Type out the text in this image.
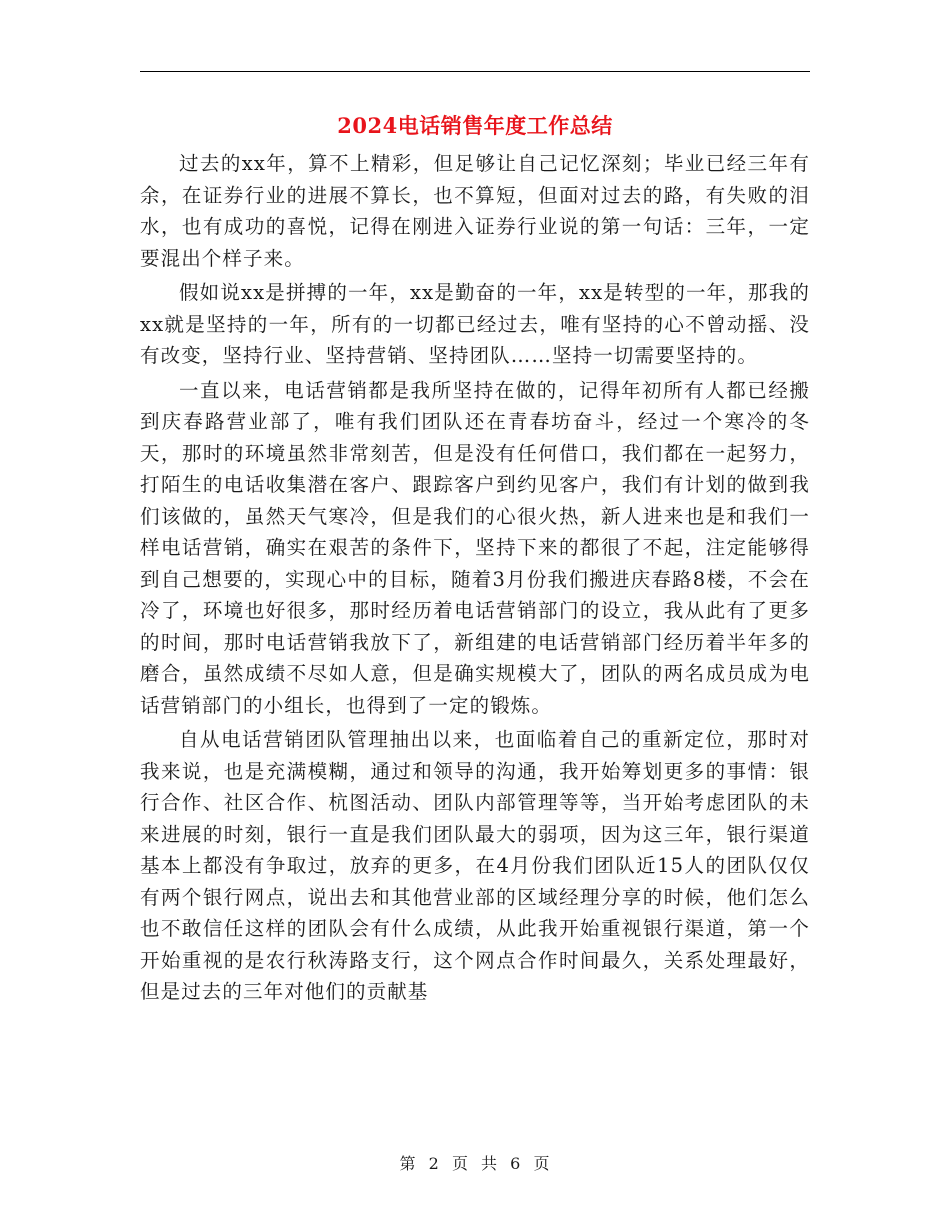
2024电话销售年度工作总结

过去的xx年，算不上精彩，但足够让自己记忆深刻；毕业已经三年有余，在证券行业的进展不算长，也不算短，但面对过去的路，有失败的泪水，也有成功的喜悦，记得在刚进入证券行业说的第一句话：三年，一定要混出个样子来。

假如说xx是拼搏的一年，xx是勤奋的一年，xx是转型的一年，那我的xx就是坚持的一年，所有的一切都已经过去，唯有坚持的心不曾动摇、没有改变，坚持行业、坚持营销、坚持团队……坚持一切需要坚持的。

一直以来，电话营销都是我所坚持在做的，记得年初所有人都已经搬到庆春路营业部了，唯有我们团队还在青春坊奋斗，经过一个寒冷的冬天，那时的环境虽然非常刻苦，但是没有任何借口，我们都在一起努力，打陌生的电话收集潜在客户、跟踪客户到约见客户，我们有计划的做到我们该做的，虽然天气寒冷，但是我们的心很火热，新人进来也是和我们一样电话营销，确实在艰苦的条件下，坚持下来的都很了不起，注定能够得到自己想要的，实现心中的目标，随着3月份我们搬进庆春路8楼，不会在冷了，环境也好很多，那时经历着电话营销部门的设立，我从此有了更多的时间，那时电话营销我放下了，新组建的电话营销部门经历着半年多的磨合，虽然成绩不尽如人意，但是确实规模大了，团队的两名成员成为电话营销部门的小组长，也得到了一定的锻炼。

自从电话营销团队管理抽出以来，也面临着自己的重新定位，那时对我来说，也是充满模糊，通过和领导的沟通，我开始筹划更多的事情：银行合作、社区合作、杭图活动、团队内部管理等等，当开始考虑团队的未来进展的时刻，银行一直是我们团队最大的弱项，因为这三年，银行渠道基本上都没有争取过，放弃的更多，在4月份我们团队近15人的团队仅仅有两个银行网点，说出去和其他营业部的区域经理分享的时候，他们怎么也不敢信任这样的团队会有什么成绩，从此我开始重视银行渠道，第一个开始重视的是农行秋涛路支行，这个网点合作时间最久，关系处理最好，但是过去的三年对他们的贡献基

第 2 页 共 6 页
